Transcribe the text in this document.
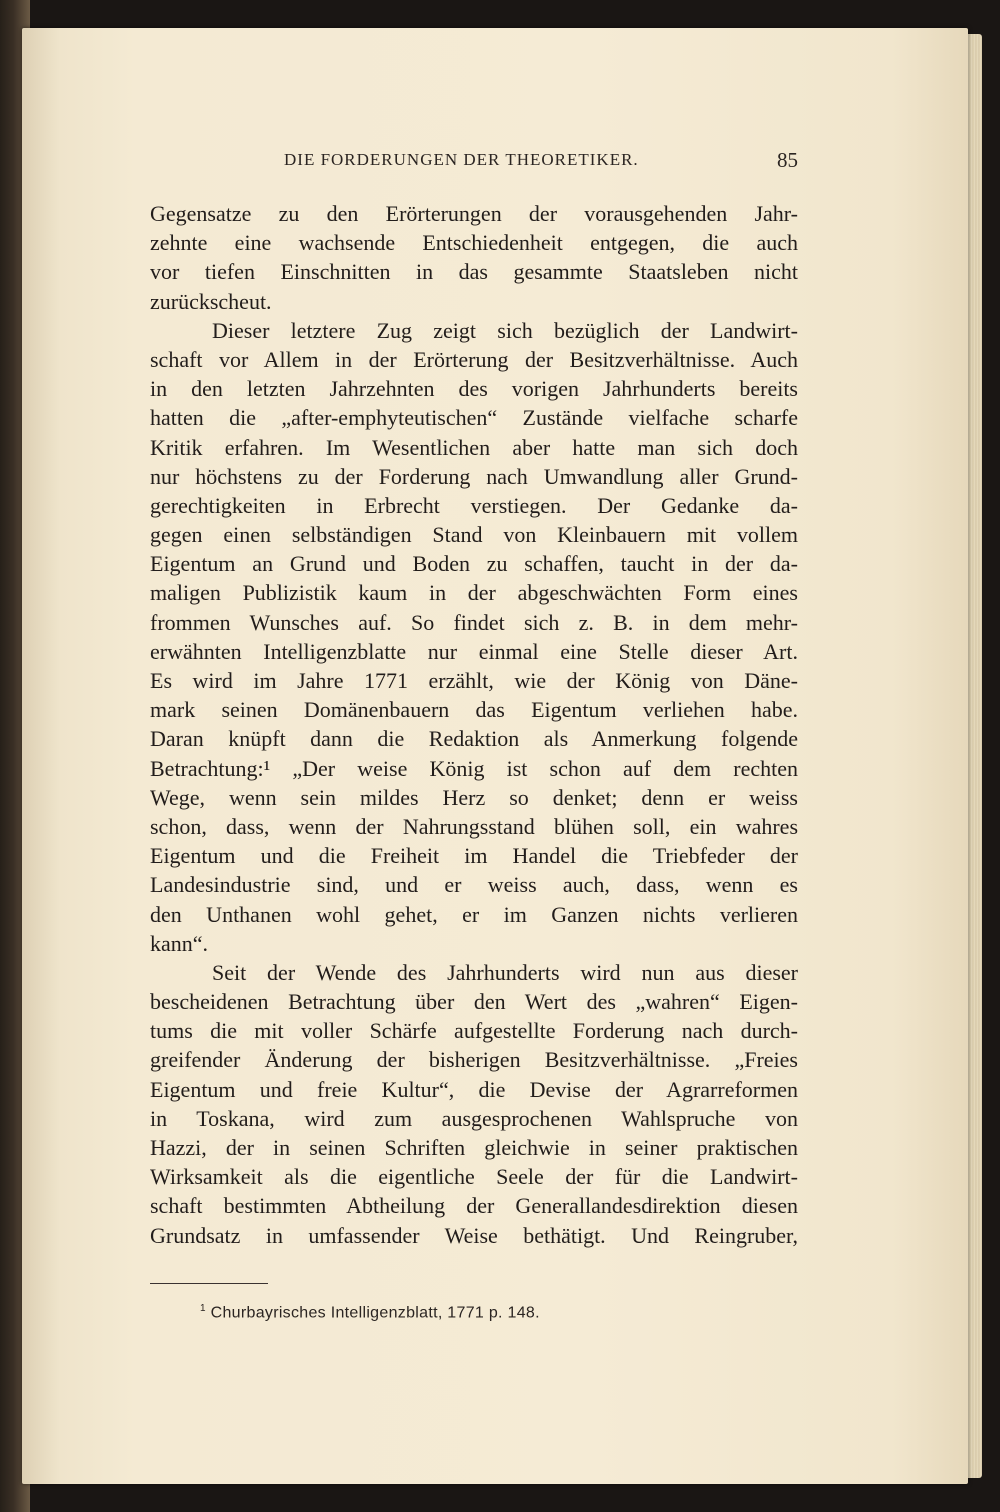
DIE FORDERUNGEN DER THEORETIKER.	85
Gegensatze zu den Erörterungen der vorausgehenden Jahr-
zehnte eine wachsende Entschiedenheit entgegen, die auch
vor tiefen Einschnitten in das gesammte Staatsleben nicht
zurückscheut.
Dieser letztere Zug zeigt sich bezüglich der Landwirt-
schaft vor Allem in der Erörterung der Besitzverhältnisse. Auch
in den letzten Jahrzehnten des vorigen Jahrhunderts bereits
hatten die „after-emphyteutischen“ Zustände vielfache scharfe
Kritik erfahren. Im Wesentlichen aber hatte man sich doch
nur höchstens zu der Forderung nach Umwandlung aller Grund-
gerechtigkeiten in Erbrecht verstiegen. Der Gedanke da-
gegen einen selbständigen Stand von Kleinbauern mit vollem
Eigentum an Grund und Boden zu schaffen, taucht in der da-
maligen Publizistik kaum in der abgeschwächten Form eines
frommen Wunsches auf. So findet sich z. B. in dem mehr-
erwähnten Intelligenzblatte nur einmal eine Stelle dieser Art.
Es wird im Jahre 1771 erzählt, wie der König von Däne-
mark seinen Domänenbauern das Eigentum verliehen habe.
Daran knüpft dann die Redaktion als Anmerkung folgende
Betrachtung:¹ „Der weise König ist schon auf dem rechten
Wege, wenn sein mildes Herz so denket; denn er weiss
schon, dass, wenn der Nahrungsstand blühen soll, ein wahres
Eigentum und die Freiheit im Handel die Triebfeder der
Landesindustrie sind, und er weiss auch, dass, wenn es
den Unthanen wohl gehet, er im Ganzen nichts verlieren
kann“.
Seit der Wende des Jahrhunderts wird nun aus dieser
bescheidenen Betrachtung über den Wert des „wahren“ Eigen-
tums die mit voller Schärfe aufgestellte Forderung nach durch-
greifender Änderung der bisherigen Besitzverhältnisse. „Freies
Eigentum und freie Kultur“, die Devise der Agrarreformen
in Toskana, wird zum ausgesprochenen Wahlspruche von
Hazzi, der in seinen Schriften gleichwie in seiner praktischen
Wirksamkeit als die eigentliche Seele der für die Landwirt-
schaft bestimmten Abtheilung der Generallandesdirektion diesen
Grundsatz in umfassender Weise bethätigt. Und Reingruber,
$^1$ Churbayrisches Intelligenzblatt, 1771 p. 148.
